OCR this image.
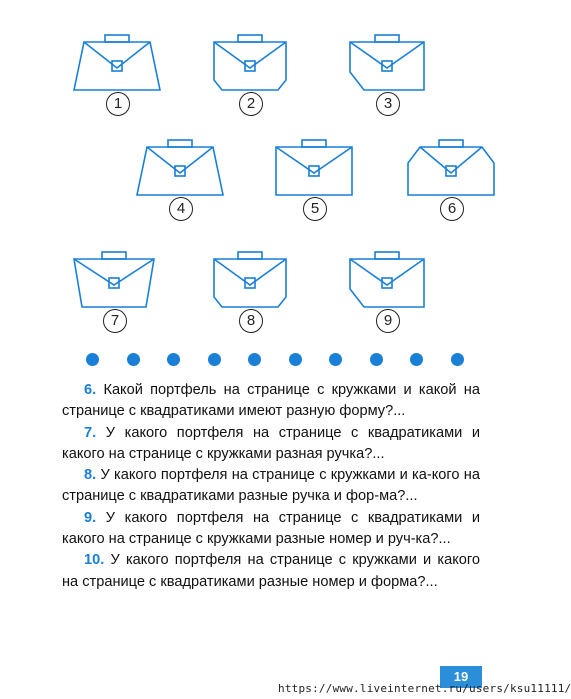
1	2	3
4	5	6
7	8	9

6. Какой портфель на странице с кружками и какой на странице с квадратиками имеют разную форму?...

7. У какого портфеля на странице с квадратиками и какого на странице с кружками разная ручка?...

8. У какого портфеля на странице с кружками и ка-кого на странице с квадратиками разные ручка и фор-ма?...

9. У какого портфеля на странице с квадратиками и какого на странице с кружками разные номер и руч-ка?...

10. У какого портфеля на странице с кружками и какого на странице с квадратиками разные номер и форма?...

19
https://www.liveinternet.ru/users/ksu11111/
